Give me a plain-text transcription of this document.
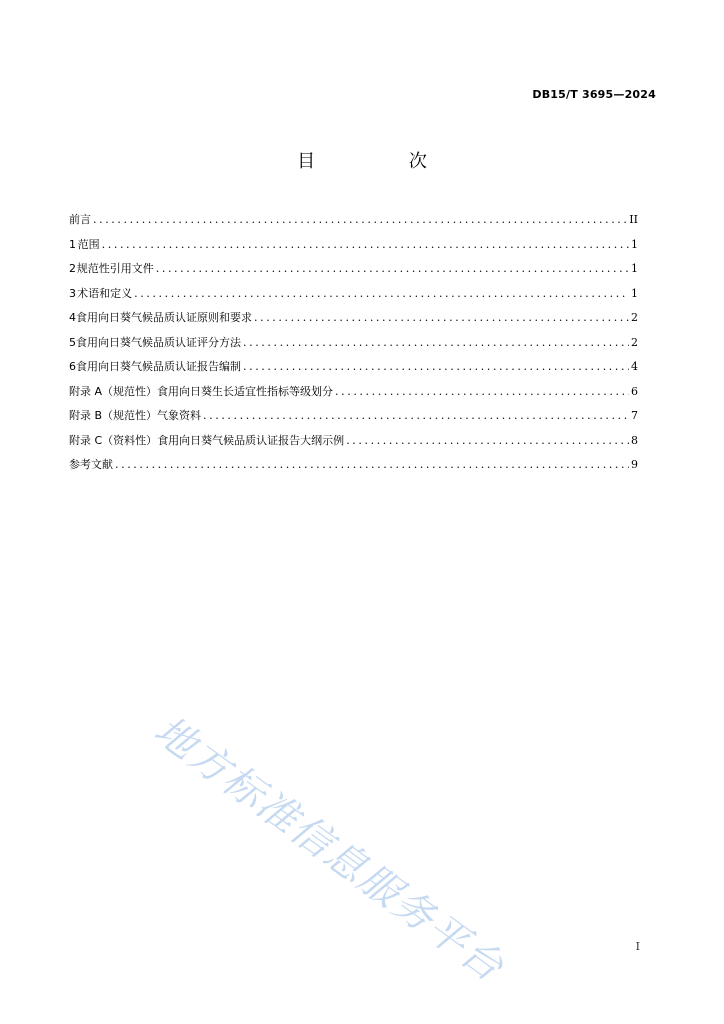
DB15/T 3695—2024
目 次
前言 .....	II
1 范围 .....	1
2 规范性引用文件 .....	1
3 术语和定义 .....	1
4 食用向日葵气候品质认证原则和要求 .....	2
5 食用向日葵气候品质认证评分方法 .....	2
6 食用向日葵气候品质认证报告编制 .....	4
附录 A（规范性） 食用向日葵生长适宜性指标等级划分 .....	6
附录 B（规范性） 气象资料 .....	7
附录 C（资料性） 食用向日葵气候品质认证报告大纲示例 .....	8
参考文献 .....	9
地方标准信息服务平台	I
